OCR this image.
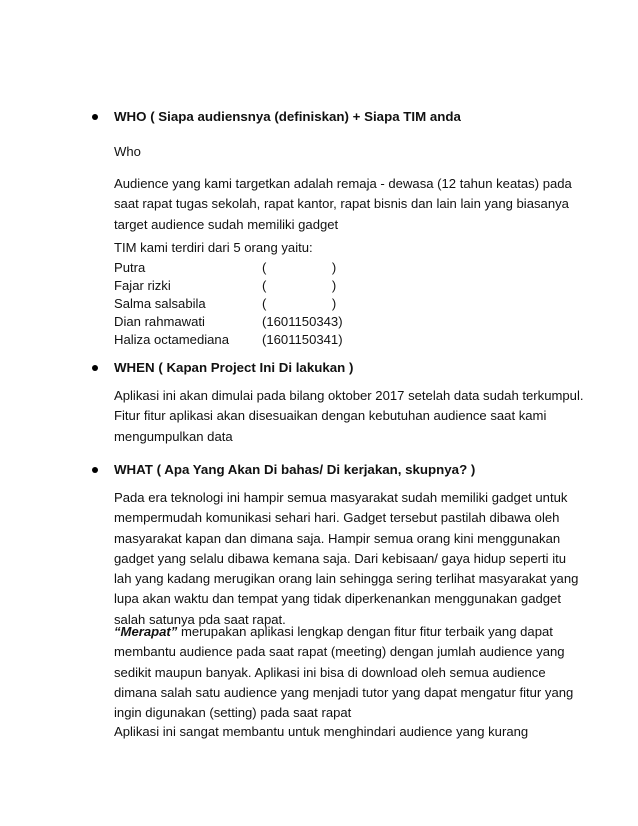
WHO ( Siapa audiensnya (definiskan) + Siapa TIM anda
Who
Audience yang kami targetkan adalah remaja - dewasa (12 tahun keatas) pada
saat rapat tugas sekolah, rapat kantor, rapat bisnis dan lain lain yang biasanya
target audience sudah memiliki gadget
TIM kami terdiri dari 5 orang yaitu:
Putra	(                  )
Fajar rizki	(                  )
Salma salsabila	(                  )
Dian rahmawati	(1601150343)
Haliza octamediana	(1601150341)
WHEN ( Kapan Project Ini Di lakukan )
Aplikasi ini akan dimulai pada bilang oktober 2017 setelah data sudah terkumpul.
Fitur fitur aplikasi akan disesuaikan dengan kebutuhan audience saat kami
mengumpulkan data
WHAT ( Apa Yang Akan Di bahas/ Di kerjakan, skupnya? )
Pada era teknologi ini hampir semua masyarakat sudah memiliki gadget untuk
mempermudah komunikasi sehari hari. Gadget tersebut pastilah dibawa oleh
masyarakat kapan dan dimana saja. Hampir semua orang kini menggunakan
gadget yang selalu dibawa kemana saja. Dari kebisaan/ gaya hidup seperti itu
lah yang kadang merugikan orang lain sehingga sering terlihat masyarakat yang
lupa akan waktu dan tempat yang tidak diperkenankan menggunakan gadget
salah satunya pda saat rapat.
“Merapat” merupakan aplikasi lengkap dengan fitur fitur terbaik yang dapat
membantu audience pada saat rapat (meeting) dengan jumlah audience yang
sedikit maupun banyak. Aplikasi ini bisa di download oleh semua audience
dimana salah satu audience yang menjadi tutor yang dapat mengatur fitur yang
ingin digunakan (setting) pada saat rapat
Aplikasi ini sangat membantu untuk menghindari audience yang kurang
